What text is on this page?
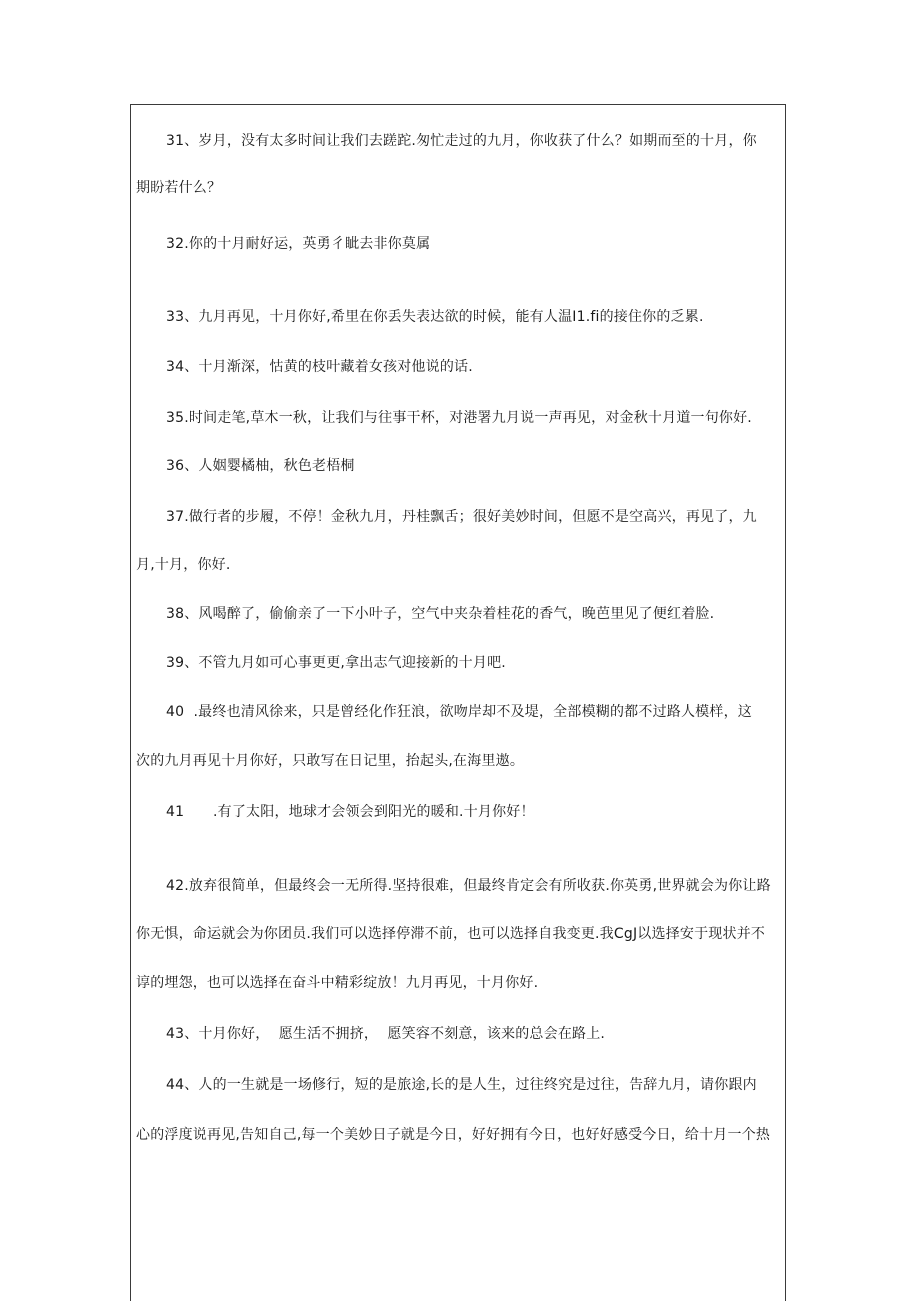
31、岁月，没有太多时间让我们去蹉跎.匆忙走过的九月，你收获了什么？如期而至的十月，你
期盼若什么？
32.你的十月耐好运，英勇彳眦去非你莫属
33、九月再见，十月你好,希里在你丢失表达欲的时候，能有人温I1.fi的接住你的乏累.
34、十月渐深，怙黄的枝叶藏着女孩对他说的话.
35.时间走笔,草木一秋，让我们与往事干杯，对港署九月说一声再见，对金秋十月道一句你好.
36、人姻婴橘柚，秋色老梧桐
37.做行者的步履，不停！金秋九月，丹桂飘舌；很好美妙时间，但愿不是空高兴，再见了，九
月,十月，你好.
38、风喝醉了，偷偷亲了一下小叶子，空气中夹杂着桂花的香气，晚芭里见了便红着脸.
39、不管九月如可心事更更,拿出志气迎接新的十月吧.
40  .最终也清风徐来，只是曾经化作狂浪，欲吻岸却不及堤，全部模糊的都不过路人模样，这
次的九月再见十月你好，只敢写在日记里，抬起头,在海里遨。
41 .有了太阳，地球才会领会到阳光的暖和.十月你好！
42.放弃很简单，但最终会一无所得.坚持很难，但最终肯定会有所收获.你英勇,世界就会为你让路
你无惧，命运就会为你团员.我们可以选择停滞不前，也可以选择自我变更.我CgJ以选择安于现状并不
谆的埋怨，也可以选择在奋斗中精彩绽放！九月再见，十月你好.
43、十月你好，  愿生活不拥挤，  愿笑容不刻意，该来的总会在路上.
44、人的一生就是一场修行，短的是旅途,长的是人生，过往终究是过往，告辞九月，请你跟内
心的浮度说再见,告知自己,每一个美妙日子就是今日，好好拥有今日，也好好感受今日，给十月一个热
